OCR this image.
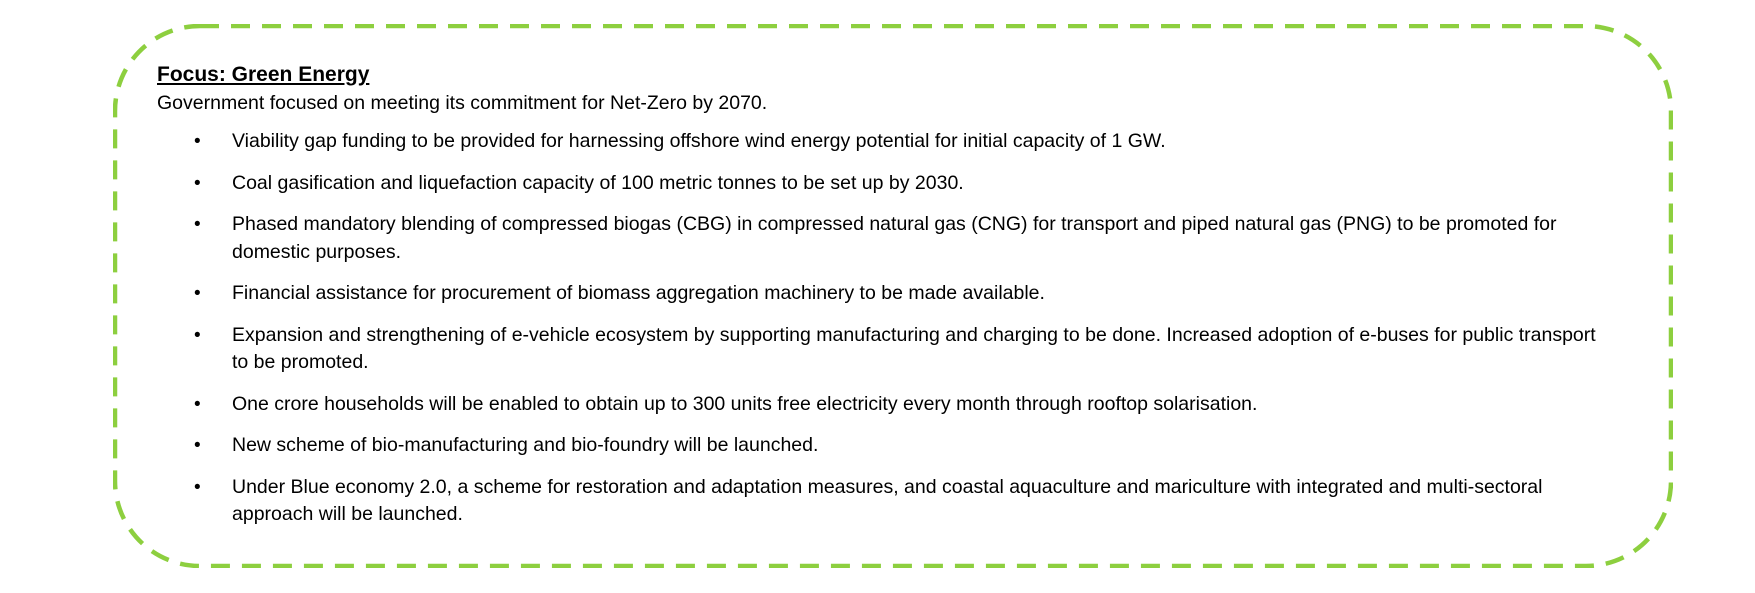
Focus: Green Energy

Government focused on meeting its commitment for Net-Zero by 2070.

• Viability gap funding to be provided for harnessing offshore wind energy potential for initial capacity of 1 GW.
• Coal gasification and liquefaction capacity of 100 metric tonnes to be set up by 2030.
• Phased mandatory blending of compressed biogas (CBG) in compressed natural gas (CNG) for transport and piped natural gas (PNG) to be promoted for domestic purposes.
• Financial assistance for procurement of biomass aggregation machinery to be made available.
• Expansion and strengthening of e-vehicle ecosystem by supporting manufacturing and charging to be done. Increased adoption of e-buses for public transport to be promoted.
• One crore households will be enabled to obtain up to 300 units free electricity every month through rooftop solarisation.
• New scheme of bio-manufacturing and bio-foundry will be launched.
• Under Blue economy 2.0, a scheme for restoration and adaptation measures, and coastal aquaculture and mariculture with integrated and multi-sectoral approach will be launched.
